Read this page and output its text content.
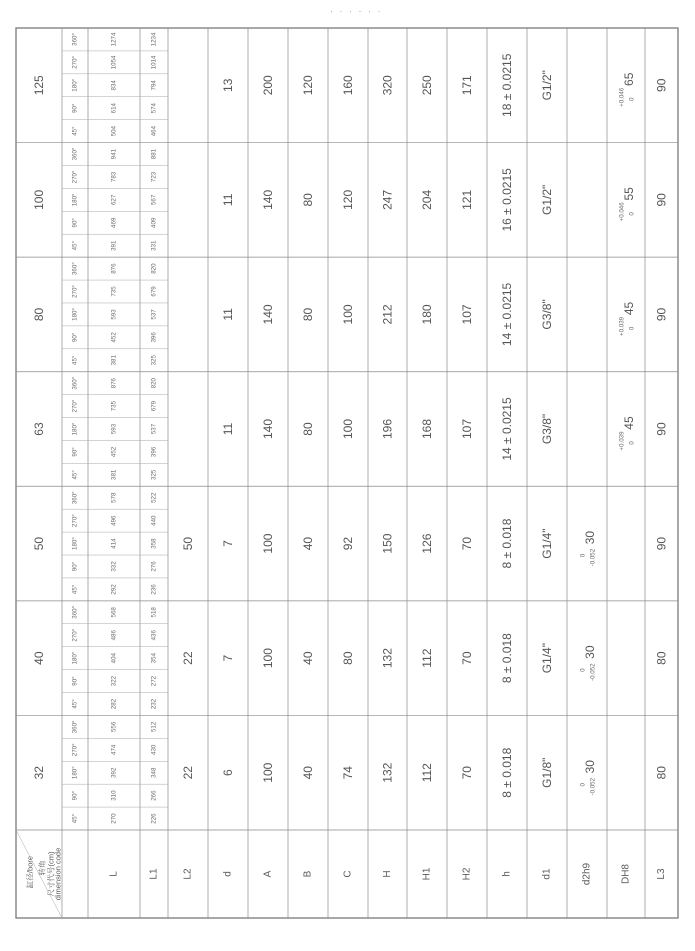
· · · · · ·
32
40
50
63
80
100
125
45°
90°
180°
270°
360°
45°
90°
180°
270°
360°
45°
90°
180°
270°
360°
45°
90°
180°
270°
360°
45°
90°
180°
270°
360°
45°
90°
180°
270°
360°
45°
90°
180°
270°
360°
缸径/bore 转角 尺寸代号(cm)
dimension code	L
270
310
392
474
556
282
322
404
486
568
292
332
414
496
578
381
452
593
735
876
381
452
593
735
876
391
469
627
783
941
504
614
834
1054
1274
L1
226
266
348
430
512
232
272
354
436
518
236
276
358
440
522
325
396
537
679
820
325
396
537
679
820
331
409
567
723
881
464
574
794
1014
1234
L2
22
22
50
d
6
7
7
11
11
11
13
A
100
100
100
140
140
140
200
B
40
40
40
80
80
80
120
C
74
80
92
100
100
120
160
H
132
132
150
196
212
247
320
H1
112
112
126
168
180
204
250
H2
70
70
70
107
107
121
171
h
8 ± 0.018
8 ± 0.018
8 ± 0.018
14 ± 0.0215
14 ± 0.0215
16 ± 0.0215
18 ± 0.0215
d1
G1/8"
G1/4"
G1/4"
G3/8"
G3/8"
G1/2"
G1/2"
d2h9
30
0 -0.052
30
0 -0.052
30
0 -0.052
DH8
45
+0.039 0
45
+0.039 0
55
+0.046 0
65
+0.046 0
L3
80
80
90
90
90
90
90
